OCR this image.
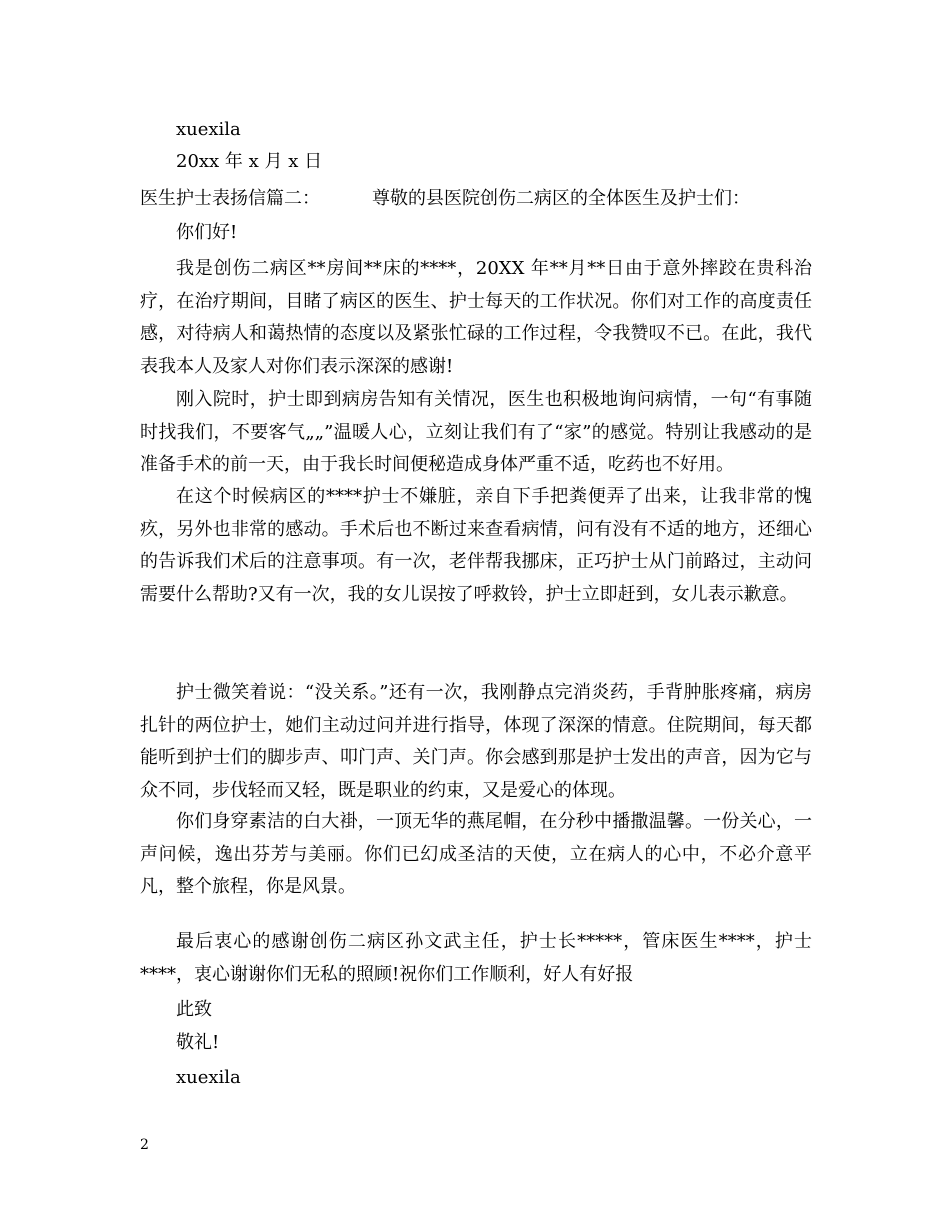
xuexila
20xx 年 x 月 x 日
医生护士表扬信篇二：	尊敬的县医院创伤二病区的全体医生及护士们：
你们好!
我是创伤二病区**房间**床的****，20XX 年**月**日由于意外摔跤在贵科治疗，在治疗期间，目睹了病区的医生、护士每天的工作状况。你们对工作的高度责任感，对待病人和蔼热情的态度以及紧张忙碌的工作过程，令我赞叹不已。在此，我代表我本人及家人对你们表示深深的感谢!
刚入院时，护士即到病房告知有关情况，医生也积极地询问病情，一句“有事随时找我们，不要客气„„”温暖人心，立刻让我们有了“家”的感觉。特别让我感动的是准备手术的前一天，由于我长时间便秘造成身体严重不适，吃药也不好用。
在这个时候病区的****护士不嫌脏，亲自下手把粪便弄了出来，让我非常的愧疚，另外也非常的感动。手术后也不断过来查看病情，问有没有不适的地方，还细心的告诉我们术后的注意事项。有一次，老伴帮我挪床，正巧护士从门前路过，主动问需要什么帮助?又有一次，我的女儿误按了呼救铃，护士立即赶到，女儿表示歉意。
护士微笑着说：“没关系。”还有一次，我刚静点完消炎药，手背肿胀疼痛，病房扎针的两位护士，她们主动过问并进行指导，体现了深深的情意。住院期间，每天都能听到护士们的脚步声、叩门声、关门声。你会感到那是护士发出的声音，因为它与众不同，步伐轻而又轻，既是职业的约束，又是爱心的体现。
你们身穿素洁的白大褂，一顶无华的燕尾帽，在分秒中播撒温馨。一份关心，一声问候，逸出芬芳与美丽。你们已幻成圣洁的天使，立在病人的心中，不必介意平凡，整个旅程，你是风景。
最后衷心的感谢创伤二病区孙文武主任，护士长*****，管床医生****，护士****，衷心谢谢你们无私的照顾!祝你们工作顺利，好人有好报
此致
敬礼!
xuexila
2
